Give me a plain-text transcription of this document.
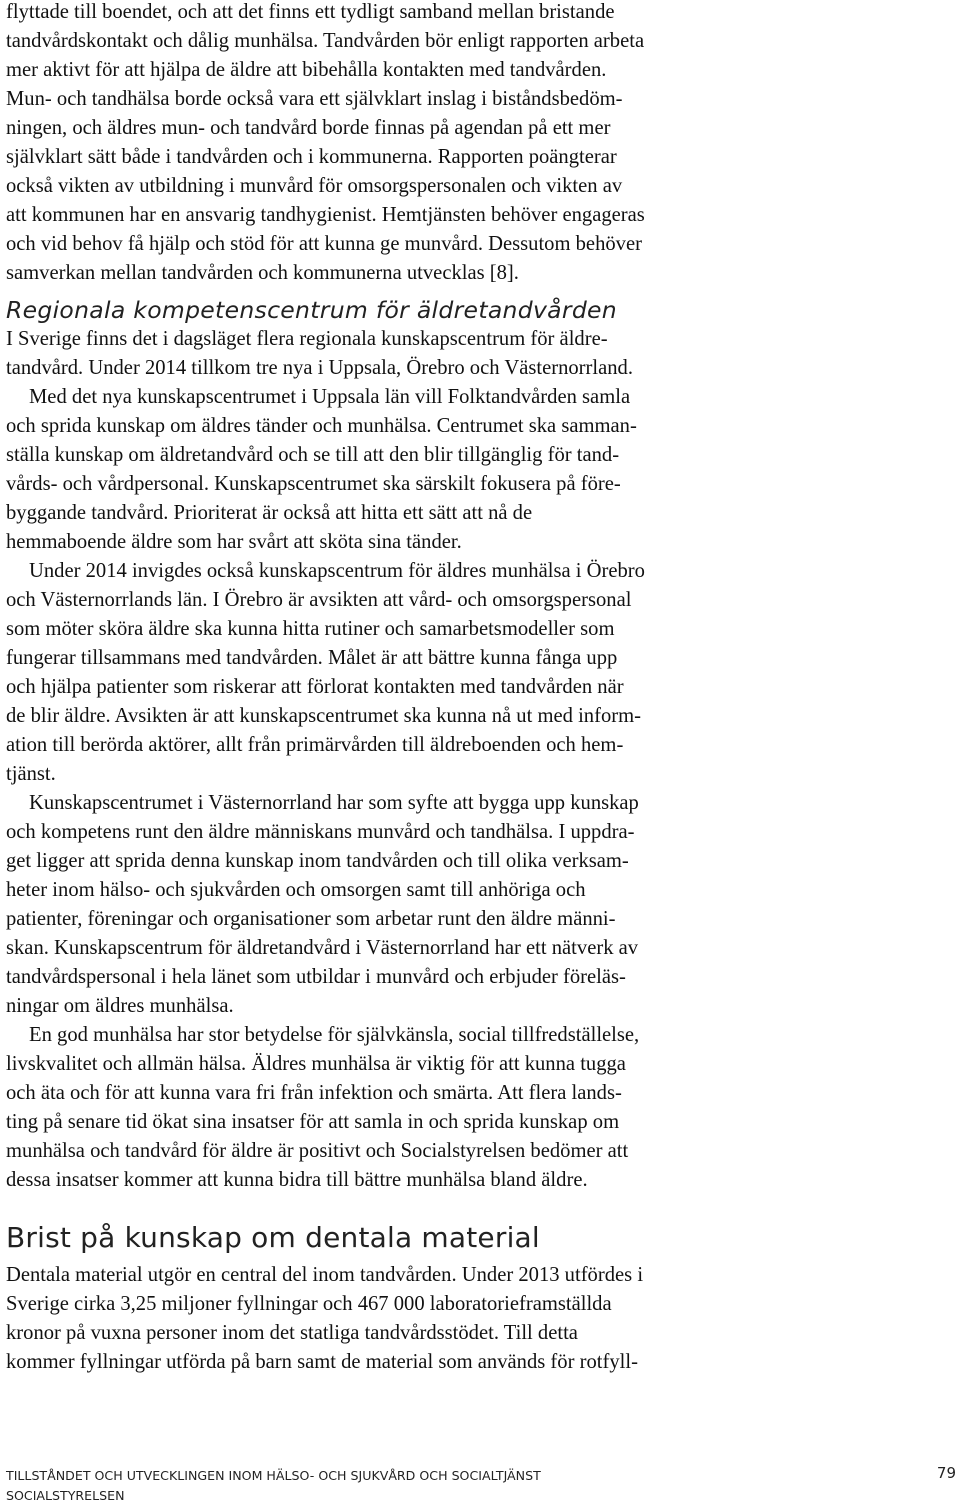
flyttade till boendet, och att det finns ett tydligt samband mellan bristande
tandvårdskontakt och dålig munhälsa. Tandvården bör enligt rapporten arbeta
mer aktivt för att hjälpa de äldre att bibehålla kontakten med tandvården.
Mun- och tandhälsa borde också vara ett självklart inslag i biståndsbedöm-
ningen, och äldres mun- och tandvård borde finnas på agendan på ett mer
självklart sätt både i tandvården och i kommunerna. Rapporten poängterar
också vikten av utbildning i munvård för omsorgspersonalen och vikten av
att kommunen har en ansvarig tandhygienist. Hemtjänsten behöver engageras
och vid behov få hjälp och stöd för att kunna ge munvård. Dessutom behöver
samverkan mellan tandvården och kommunerna utvecklas [8].
Regionala kompetenscentrum för äldretandvården
I Sverige finns det i dagsläget flera regionala kunskapscentrum för äldre-
tandvård. Under 2014 tillkom tre nya i Uppsala, Örebro och Västernorrland.
Med det nya kunskapscentrumet i Uppsala län vill Folktandvården samla
och sprida kunskap om äldres tänder och munhälsa. Centrumet ska samman-
ställa kunskap om äldretandvård och se till att den blir tillgänglig för tand-
vårds- och vårdpersonal. Kunskapscentrumet ska särskilt fokusera på före-
byggande tandvård. Prioriterat är också att hitta ett sätt att nå de
hemmaboende äldre som har svårt att sköta sina tänder.
Under 2014 invigdes också kunskapscentrum för äldres munhälsa i Örebro
och Västernorrlands län. I Örebro är avsikten att vård- och omsorgspersonal
som möter sköra äldre ska kunna hitta rutiner och samarbetsmodeller som
fungerar tillsammans med tandvården. Målet är att bättre kunna fånga upp
och hjälpa patienter som riskerar att förlorat kontakten med tandvården när
de blir äldre. Avsikten är att kunskapscentrumet ska kunna nå ut med inform-
ation till berörda aktörer, allt från primärvården till äldreboenden och hem-
tjänst.
Kunskapscentrumet i Västernorrland har som syfte att bygga upp kunskap
och kompetens runt den äldre människans munvård och tandhälsa. I uppdra-
get ligger att sprida denna kunskap inom tandvården och till olika verksam-
heter inom hälso- och sjukvården och omsorgen samt till anhöriga och
patienter, föreningar och organisationer som arbetar runt den äldre männi-
skan. Kunskapscentrum för äldretandvård i Västernorrland har ett nätverk av
tandvårdspersonal i hela länet som utbildar i munvård och erbjuder föreläs-
ningar om äldres munhälsa.
En god munhälsa har stor betydelse för självkänsla, social tillfredställelse,
livskvalitet och allmän hälsa. Äldres munhälsa är viktig för att kunna tugga
och äta och för att kunna vara fri från infektion och smärta. Att flera lands-
ting på senare tid ökat sina insatser för att samla in och sprida kunskap om
munhälsa och tandvård för äldre är positivt och Socialstyrelsen bedömer att
dessa insatser kommer att kunna bidra till bättre munhälsa bland äldre.
Brist på kunskap om dentala material
Dentala material utgör en central del inom tandvården. Under 2013 utfördes i
Sverige cirka 3,25 miljoner fyllningar och 467 000 laboratorieframställda
kronor på vuxna personer inom det statliga tandvårdsstödet. Till detta
kommer fyllningar utförda på barn samt de material som används för rotfyll-
TILLSTÅNDET OCH UTVECKLINGEN INOM HÄLSO- OCH SJUKVÅRD OCH SOCIALTJÄNST
SOCIALSTYRELSEN
79
